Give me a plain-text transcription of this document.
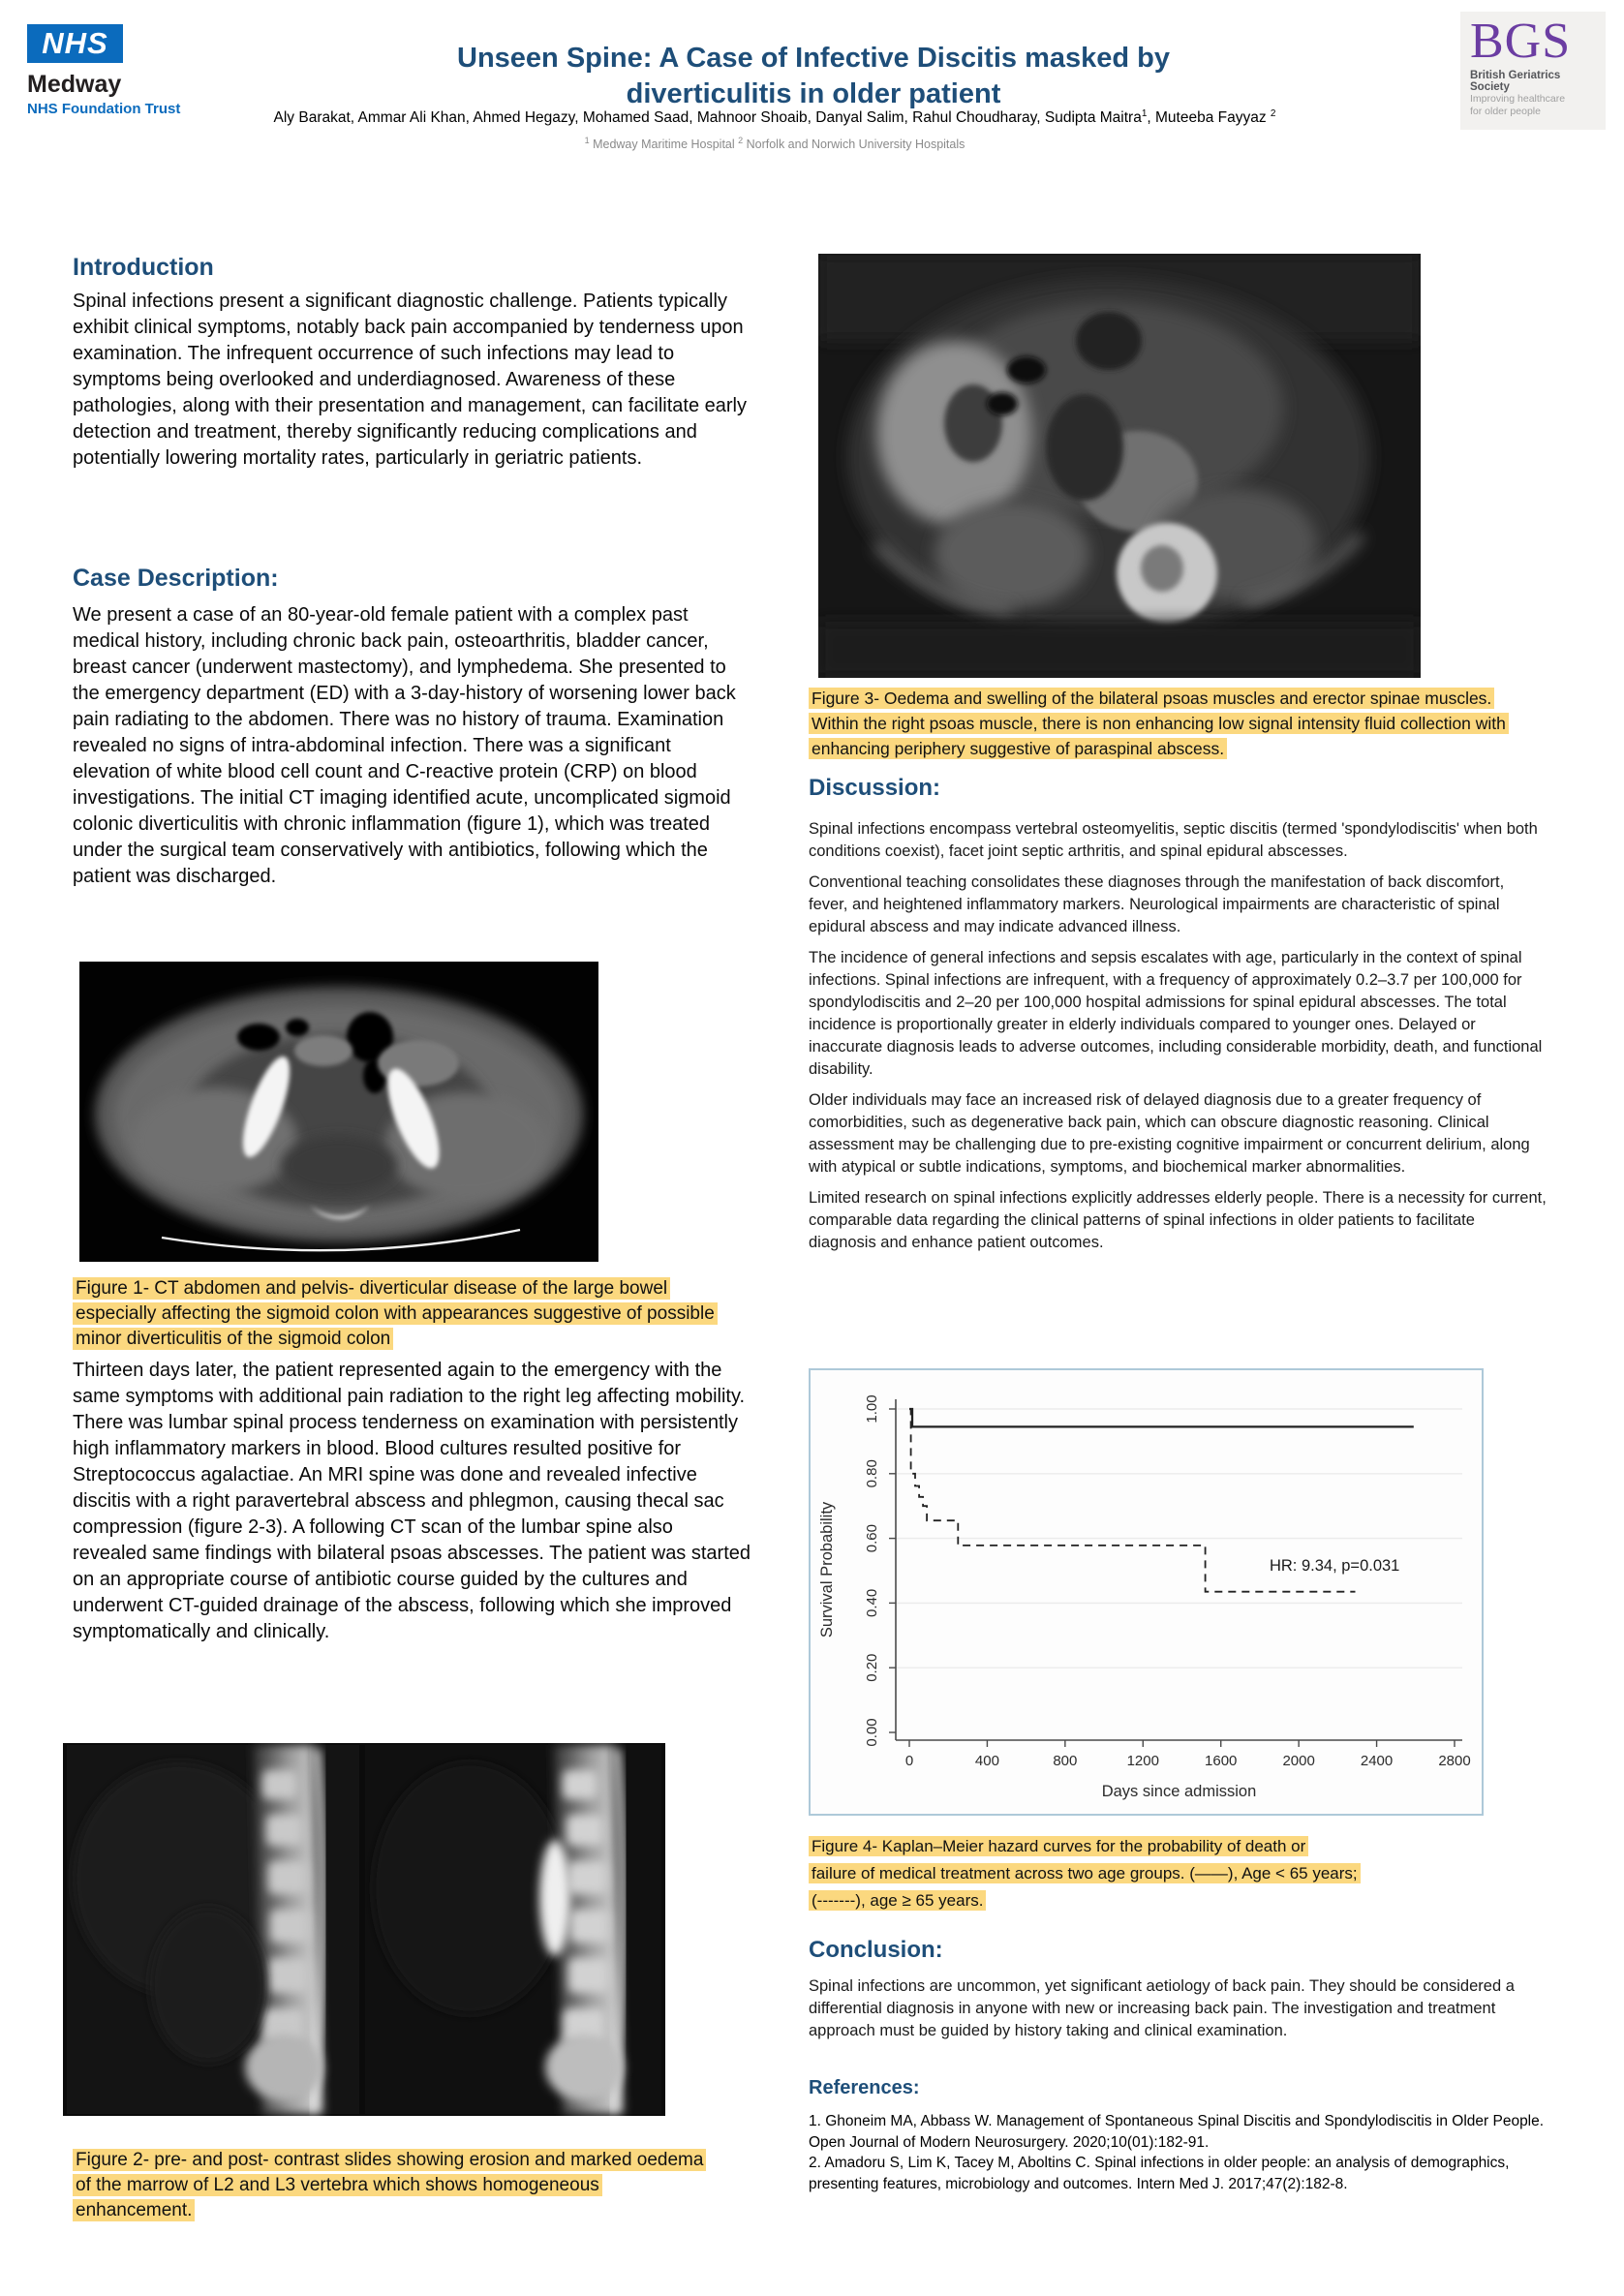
NHS
Medway
NHS Foundation Trust
Unseen Spine: A Case of Infective Discitis masked by
diverticulitis in older patient
BGS
British Geriatrics Society
Improving healthcare
for older people
Aly Barakat, Ammar Ali Khan, Ahmed Hegazy, Mohamed Saad, Mahnoor Shoaib, Danyal Salim, Rahul Choudharay, Sudipta Maitra$^1$, Muteeba Fayyaz $^2$
$^1$ Medway Maritime Hospital $^2$ Norfolk and Norwich University Hospitals
Introduction
Spinal infections present a significant diagnostic challenge. Patients typically exhibit clinical symptoms, notably back pain accompanied by tenderness upon examination. The infrequent occurrence of such infections may lead to symptoms being overlooked and underdiagnosed. Awareness of these pathologies, along with their presentation and management, can facilitate early detection and treatment, thereby significantly reducing complications and potentially lowering mortality rates, particularly in geriatric patients.
Case Description:
We present a case of an 80-year-old female patient with a complex past medical history, including chronic back pain, osteoarthritis, bladder cancer, breast cancer (underwent mastectomy), and lymphedema. She presented to the emergency department (ED) with a 3-day-history of worsening lower back pain radiating to the abdomen. There was no history of trauma. Examination revealed no signs of intra-abdominal infection. There was a significant elevation of white blood cell count and C-reactive protein (CRP) on blood investigations. The initial CT imaging identified acute, uncomplicated sigmoid colonic diverticulitis with chronic inflammation (figure 1), which was treated under the surgical team conservatively with antibiotics, following which the patient was discharged.
Figure 1- CT abdomen and pelvis- diverticular disease of the large bowel especially affecting the sigmoid colon with appearances suggestive of possible minor diverticulitis of the sigmoid colon
Thirteen days later, the patient represented again to the emergency with the same symptoms with additional pain radiation to the right leg affecting mobility. There was lumbar spinal process tenderness on examination with persistently high inflammatory markers in blood. Blood cultures resulted positive for Streptococcus agalactiae. An MRI spine was done and revealed infective discitis with a right paravertebral abscess and phlegmon, causing thecal sac compression (figure 2-3). A following CT scan of the lumbar spine also revealed same findings with bilateral psoas abscesses. The patient was started on an appropriate course of antibiotic course guided by the cultures and underwent CT-guided drainage of the abscess, following which she improved symptomatically and clinically.
Figure 2- pre- and post- contrast slides showing erosion and marked oedema of the marrow of L2 and L3 vertebra which shows homogeneous enhancement.
Figure 3- Oedema and swelling of the bilateral psoas muscles and erector spinae muscles. Within the right psoas muscle, there is non enhancing low signal intensity fluid collection with enhancing periphery suggestive of paraspinal abscess.
Discussion:

Spinal infections encompass vertebral osteomyelitis, septic discitis (termed 'spondylodiscitis' when both conditions coexist), facet joint septic arthritis, and spinal epidural abscesses.

Conventional teaching consolidates these diagnoses through the manifestation of back discomfort, fever, and heightened inflammatory markers. Neurological impairments are characteristic of spinal epidural abscess and may indicate advanced illness.

The incidence of general infections and sepsis escalates with age, particularly in the context of spinal infections. Spinal infections are infrequent, with a frequency of approximately 0.2–3.7 per 100,000 for spondylodiscitis and 2–20 per 100,000 hospital admissions for spinal epidural abscesses. The total incidence is proportionally greater in elderly individuals compared to younger ones. Delayed or inaccurate diagnosis leads to adverse outcomes, including considerable morbidity, death, and functional disability.

Older individuals may face an increased risk of delayed diagnosis due to a greater frequency of comorbidities, such as degenerative back pain, which can obscure diagnostic reasoning. Clinical assessment may be challenging due to pre-existing cognitive impairment or concurrent delirium, along with atypical or subtle indications, symptoms, and biochemical marker abnormalities.

Limited research on spinal infections explicitly addresses elderly people. There is a necessity for current, comparable data regarding the clinical patterns of spinal infections in older patients to facilitate diagnosis and enhance patient outcomes.

0.00
0.20
0.40
0.60
0.80
1.00
0	400	800	1200	1600	2000	2400	2800
Survival Probability
Days since admission
HR: 9.34, p=0.031
Figure 4- Kaplan–Meier hazard curves for the probability of death or
failure of medical treatment across two age groups. (——), Age < 65 years;
(-------), age ≥ 65 years.
Conclusion:
Spinal infections are uncommon, yet significant aetiology of back pain. They should be considered a differential diagnosis in anyone with new or increasing back pain. The investigation and treatment approach must be guided by history taking and clinical examination.
References:

1. Ghoneim MA, Abbass W. Management of Spontaneous Spinal Discitis and Spondylodiscitis in Older People. Open Journal of Modern Neurosurgery. 2020;10(01):182-91.

2. Amadoru S, Lim K, Tacey M, Aboltins C. Spinal infections in older people: an analysis of demographics, presenting features, microbiology and outcomes. Intern Med J. 2017;47(2):182-8.
